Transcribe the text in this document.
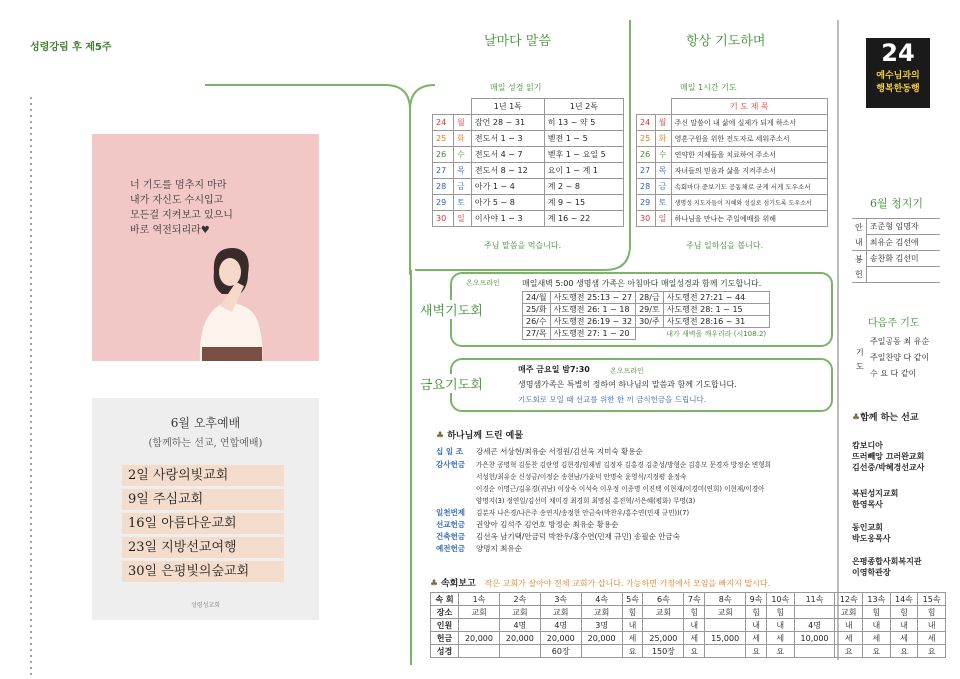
성령강림 후 제5주
너 기도를 멈추지 마라
내가 자신도 수시입고
모든걸 지켜보고 있으니
바로 역전되리라♥
6월 오후예배
(함께하는 선교, 연합예배)
2일 사랑의빛교회
9일 주심교회
16일 아름다운교회
23일 지방선교여행
30일 은평빛의숲교회
성령성교회
날마다 말씀
매일 성경 읽기
		1년 1독	1년 2독
24	월	잠언 28 ~ 31	히 13 ~ 약 5
25	화	전도서 1 ~ 3	벧전 1 ~ 5
26	수	전도서 4 ~ 7	벧후 1 ~ 요일 5
27	목	전도서 8 ~ 12	요이 1 ~ 계 1
28	금	아가 1 ~ 4	계 2 ~ 8
29	토	아가 5 ~ 8	계 9 ~ 15
30	일	이사야 1 ~ 3	계 16 ~ 22
주님 말씀을 먹습니다.
항상 기도하며
매일 1시간 기도
		기 도 제 목
24	월	주신 말씀이 내 삶에 실제가 되게 하소서
25	화	영혼구원을 위한 전도자로 세워주소서
26	수	연약한 지체들을 치료하여 주소서
27	목	자녀들의 믿음과 삶을 지켜주소서
28	금	속회마다 중보기도 공동체로 굳게 서게 도우소서
29	토	생명성 지도자들이 지혜와 성실로 섬기도록 도우소서
30	일	하나님을 만나는 주일예배를 위해
주님 일하심을 봅니다.
새벽기도회
온오프라인	매일새벽 5:00 생명샘 가족은 아침마다 매일성경과 함께 기도합니다.
24/월	사도행전 25:13 ~ 27	28/금	사도행전 27:21 ~ 44
25/화	사도행전 26: 1 ~ 18	29/토	사도행전 28: 1 ~ 15
26/수	사도행전 26:19 ~ 32	30/주	사도행전 28:16 ~ 31
27/목	사도행전 27: 1 ~ 20		내가 새벽을 깨우리라 (시108:2)
금요기도회
매주 금요일 밤7:30	온오프라인
생명샘가족은 특별히 정하여 하나님의 말씀과 함께 기도합니다.
기도회로 모일 때 선교를 위한 한 끼 금식헌금을 드립니다.
♣ 하나님께 드린 예물
십 일 조 강세곤 서상현/최유순 서정원/김선옥 지미숙 황용순
감사헌금 가은찬 공명혁 김동찬 김란영 김현경/임재범 김정자 김홍경 김춘성/방형순 김흥모 문경자 방정순 변형희
서성헌/최유순 신성금/이정순 송현남/가윤덕 안명숙 윤영식/지정평 윤정숙
이경순 이명근/김유경(귀남) 이상숙 이석숙 이우정 이종명 이진택 이현재/이경미(연희) 이현재/이경아
양명지(3) 정연일/김선미 채미경 최경희 최명심 홍진혁/서은혜(평화) 무명(3)
일천번제 김분자 나은경/나은주 송연지/송정현 안금숙(박찬우/홍수연(민재 규민))(7)
선교헌금 권양아 김석주 김연호 방정순 최유순 황용순
건축헌금 김선옥 남기택/안금덕 박찬우/홍수연(민재 규민) 송필순 안금숙
예전헌금 양명지 최유순
♣ 속회보고 작은 교회가 살아야 전체 교회가 삽니다. 가능하면 가정에서 모임을 빠지지 맙시다.
속 회	1속	2속	3속	4속	5속	6속	7속	8속	9속	10속	11속	12속	13속	14속	15속
장소	교회	교회	교회	교회	힘	교회	힘	교회	힘	힘		교회	힘	힘	힘
인원		4명	4명	3명	내		내		내	내	4명	내	내	내	내
헌금	20,000	20,000	20,000	20,000	세	25,000	세	15,000	세	세	10,000	세	세	세	세
성경			60장		요	150장	요		요	요		요	요	요	요
24
예수님과의
행복한동행
6월 청지기
안내	조준형 임명자
	최유순 김선애
봉헌	송찬화 김선미

다음주 기도
기도
주일공동 최 유순
주일찬양 다 같이
수 요 다 같이
♣함께 하는 선교
캄보디아
뜨러빼앙 끄러완교회
김선중/박혜경선교사
복된성지교회
한영목사
동인교회
박도옹목사
은평종합사회복지관
이영학관장
